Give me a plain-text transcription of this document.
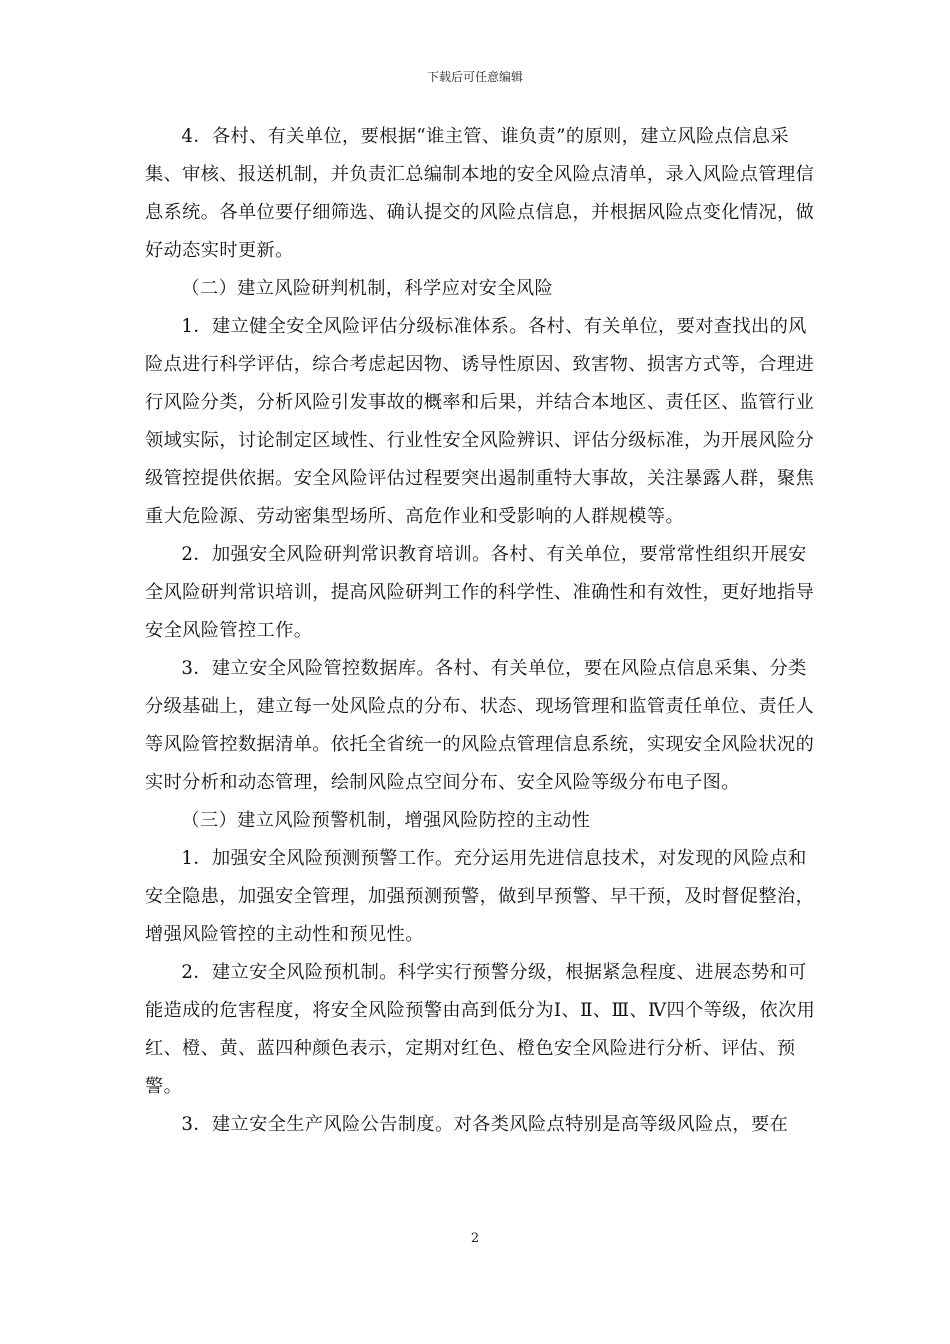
下载后可任意编辑

4．各村、有关单位，要根据“谁主管、谁负责”的原则，建立风险点信息采集、审核、报送机制，并负责汇总编制本地的安全风险点清单，录入风险点管理信息系统。各单位要仔细筛选、确认提交的风险点信息，并根据风险点变化情况，做好动态实时更新。

（二）建立风险研判机制，科学应对安全风险

1．建立健全安全风险评估分级标准体系。各村、有关单位，要对查找出的风险点进行科学评估，综合考虑起因物、诱导性原因、致害物、损害方式等，合理进行风险分类，分析风险引发事故的概率和后果，并结合本地区、责任区、监管行业领域实际，讨论制定区域性、行业性安全风险辨识、评估分级标准，为开展风险分级管控提供依据。安全风险评估过程要突出遏制重特大事故，关注暴露人群，聚焦重大危险源、劳动密集型场所、高危作业和受影响的人群规模等。

2．加强安全风险研判常识教育培训。各村、有关单位，要常常性组织开展安全风险研判常识培训，提高风险研判工作的科学性、准确性和有效性，更好地指导安全风险管控工作。

3．建立安全风险管控数据库。各村、有关单位，要在风险点信息采集、分类分级基础上，建立每一处风险点的分布、状态、现场管理和监管责任单位、责任人等风险管控数据清单。依托全省统一的风险点管理信息系统，实现安全风险状况的实时分析和动态管理，绘制风险点空间分布、安全风险等级分布电子图。

（三）建立风险预警机制，增强风险防控的主动性

1．加强安全风险预测预警工作。充分运用先进信息技术，对发现的风险点和安全隐患，加强安全管理，加强预测预警，做到早预警、早干预，及时督促整治，增强风险管控的主动性和预见性。

2．建立安全风险预机制。科学实行预警分级，根据紧急程度、进展态势和可能造成的危害程度，将安全风险预警由高到低分为Ⅰ、Ⅱ、Ⅲ、Ⅳ四个等级，依次用红、橙、黄、蓝四种颜色表示，定期对红色、橙色安全风险进行分析、评估、预警。

3．建立安全生产风险公告制度。对各类风险点特别是高等级风险点，要在

2
